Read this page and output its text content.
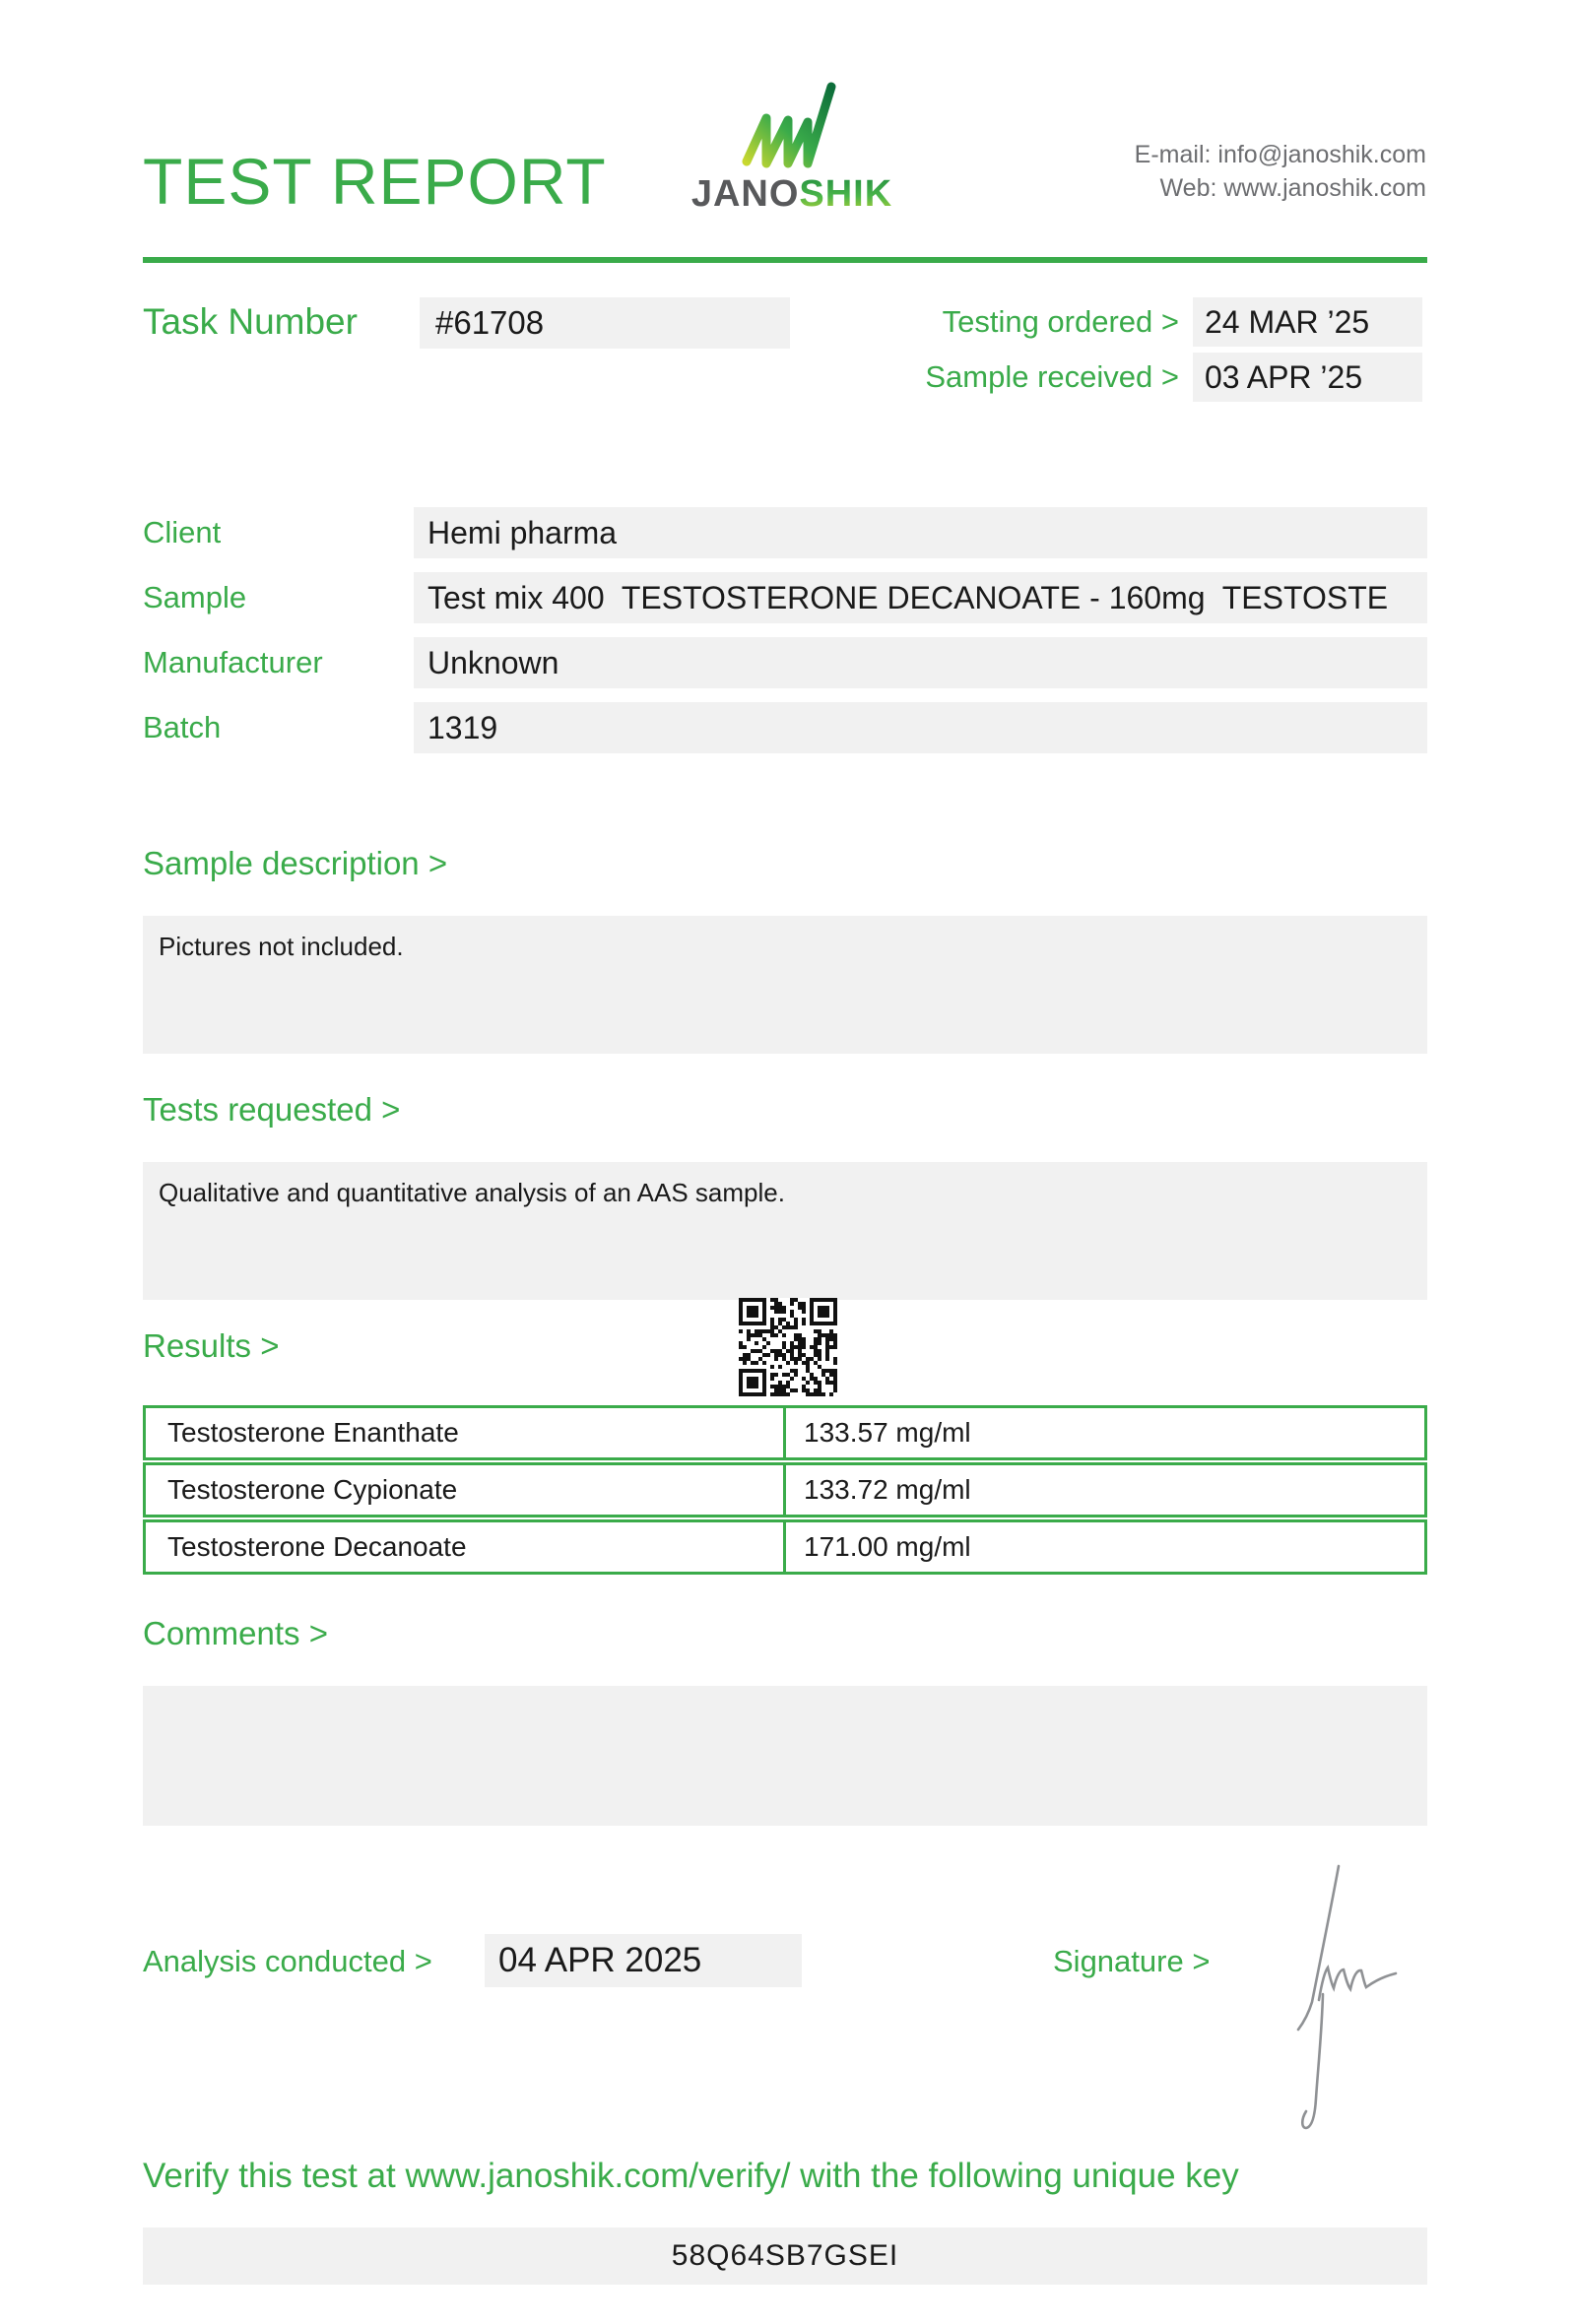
TEST REPORT	JANOSHIK
E-mail: info@janoshik.com
Web: www.janoshik.com
Task Number	#61708	Testing ordered > 24 MAR ’25
Sample received > 03 APR ’25
Client	Hemi pharma
Sample	Test mix 400  TESTOSTERONE DECANOATE - 160mg  TESTOSTE
Manufacturer	Unknown
Batch	1319
Sample description >
Pictures not included.
Tests requested >
Qualitative and quantitative analysis of an AAS sample.
Results >
Testosterone Enanthate	133.57 mg/ml
Testosterone Cypionate	133.72 mg/ml
Testosterone Decanoate	171.00 mg/ml
Comments >
Analysis conducted >	04 APR 2025	Signature >
Verify this test at www.janoshik.com/verify/ with the following unique key
58Q64SB7GSEI
